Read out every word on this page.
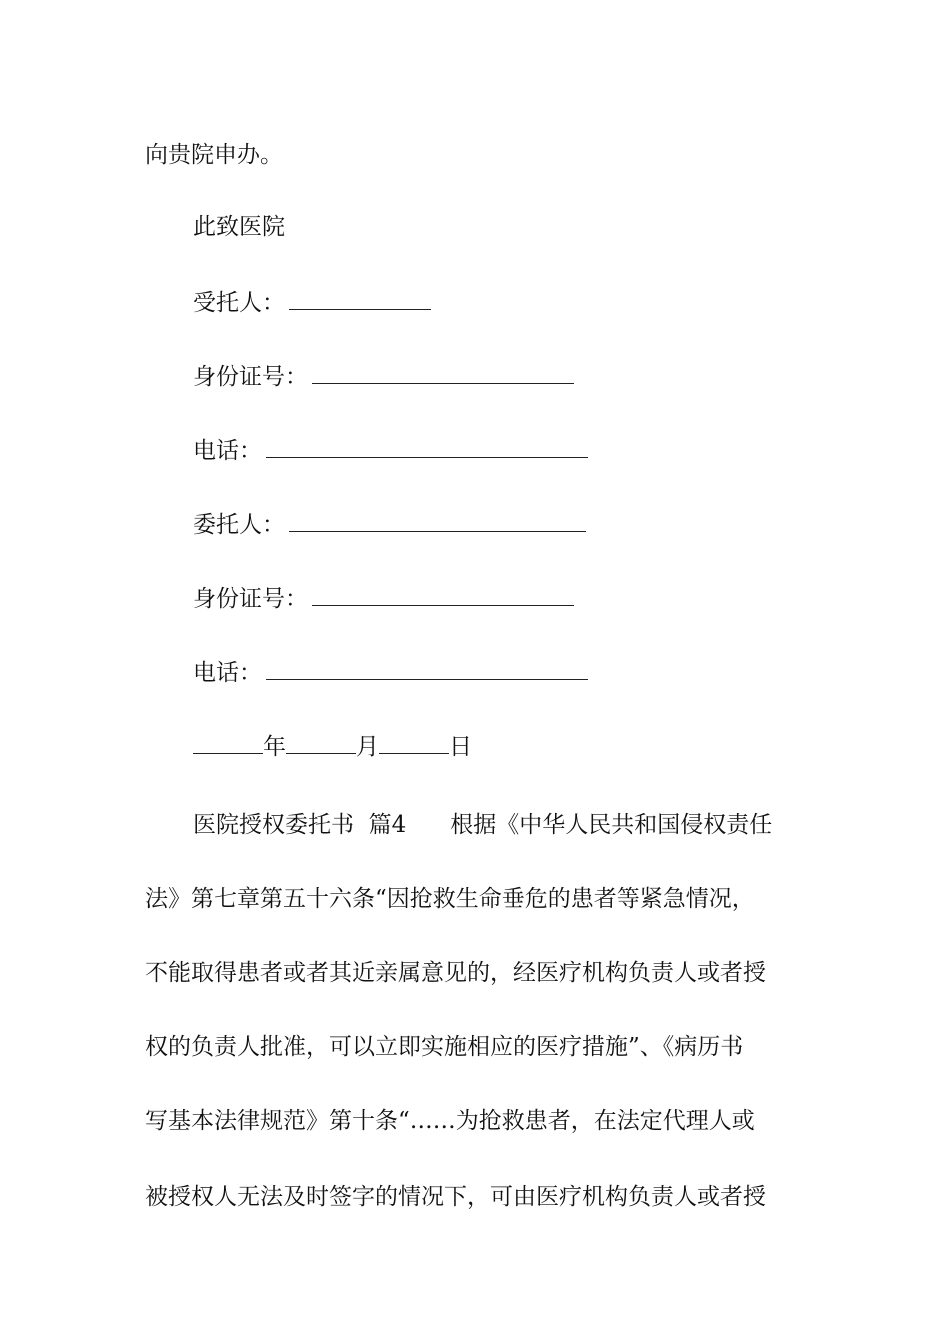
向贵院申办。
此致医院
受托人：
身份证号：
电话：
委托人：
身份证号：
电话：
年	月	日
医院授权委托书  篇4 根据《中华人民共和国侵权责任
法》第七章第五十六条“因抢救生命垂危的患者等紧急情况，
不能取得患者或者其近亲属意见的，经医疗机构负责人或者授
权的负责人批准，可以立即实施相应的医疗措施”、《病历书
写基本法律规范》第十条“……为抢救患者，在法定代理人或
被授权人无法及时签字的情况下，可由医疗机构负责人或者授
